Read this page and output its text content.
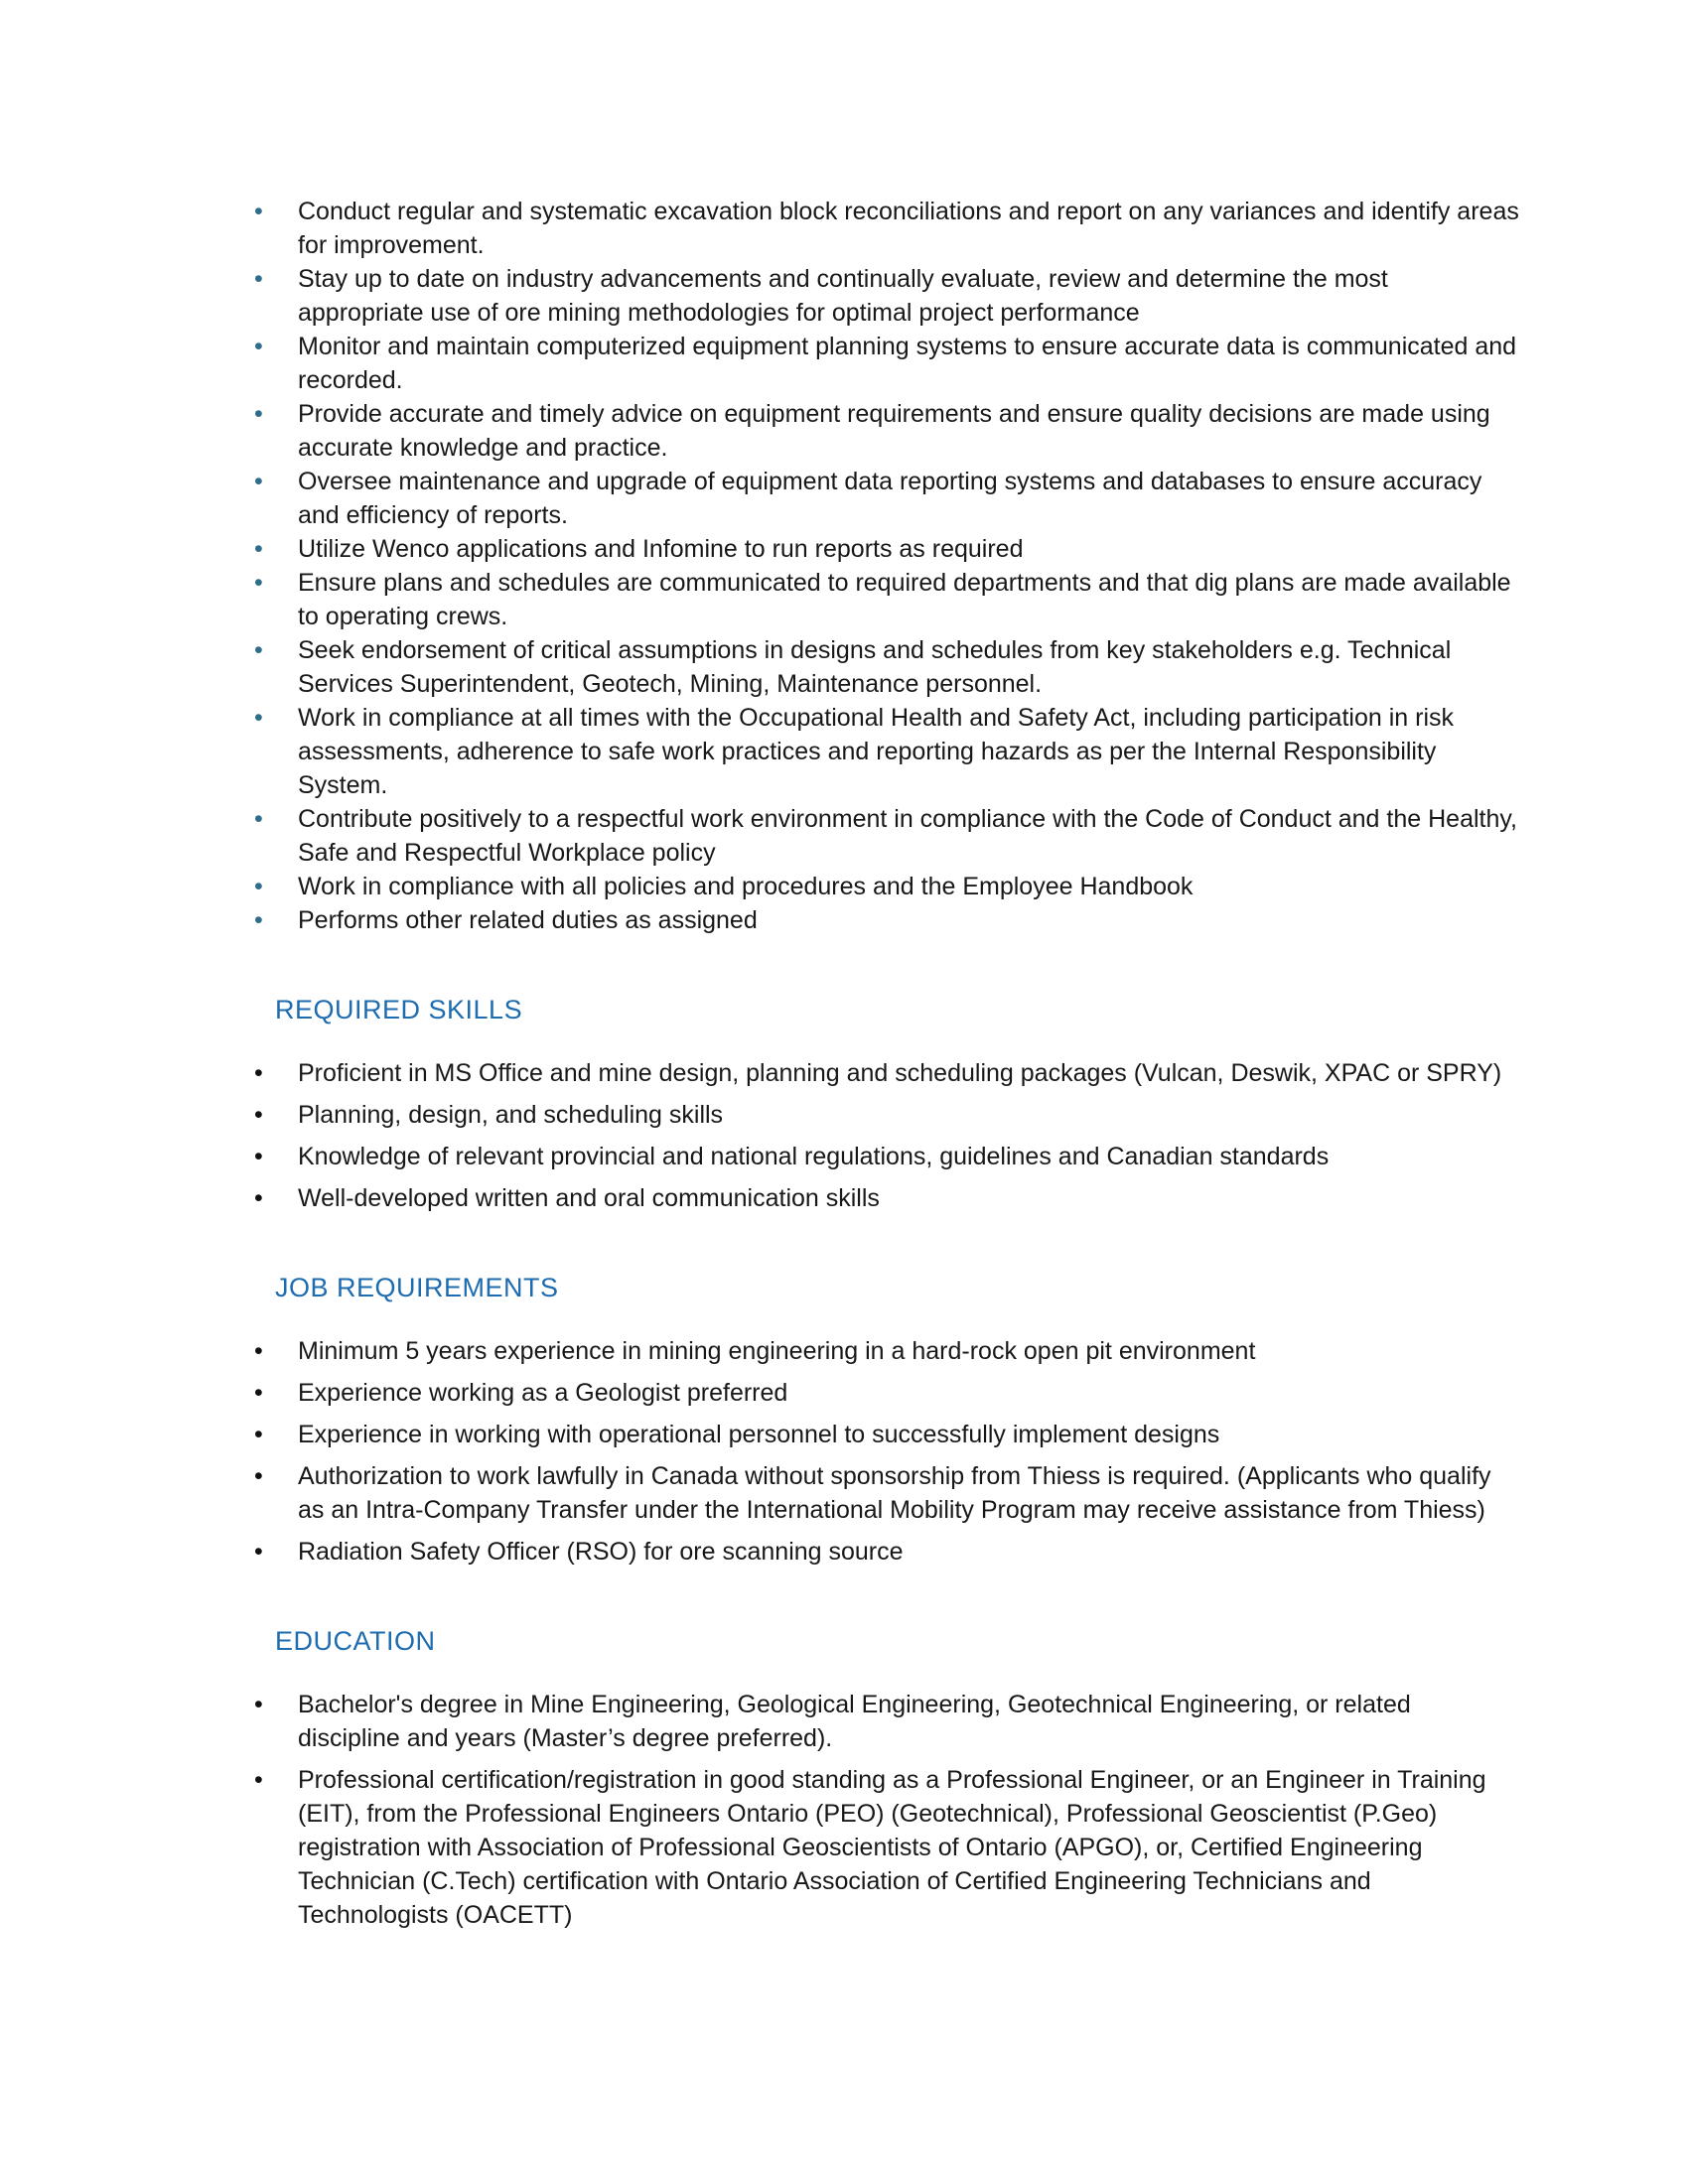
• Conduct regular and systematic excavation block reconciliations and report on any variances and identify areas for improvement.
• Stay up to date on industry advancements and continually evaluate, review and determine the most appropriate use of ore mining methodologies for optimal project performance
• Monitor and maintain computerized equipment planning systems to ensure accurate data is communicated and recorded.
• Provide accurate and timely advice on equipment requirements and ensure quality decisions are made using accurate knowledge and practice.
• Oversee maintenance and upgrade of equipment data reporting systems and databases to ensure accuracy and efficiency of reports.
• Utilize Wenco applications and Infomine to run reports as required
• Ensure plans and schedules are communicated to required departments and that dig plans are made available to operating crews.
• Seek endorsement of critical assumptions in designs and schedules from key stakeholders e.g. Technical Services Superintendent, Geotech, Mining, Maintenance personnel.
• Work in compliance at all times with the Occupational Health and Safety Act, including participation in risk assessments, adherence to safe work practices and reporting hazards as per the Internal Responsibility System.
• Contribute positively to a respectful work environment in compliance with the Code of Conduct and the Healthy, Safe and Respectful Workplace policy
• Work in compliance with all policies and procedures and the Employee Handbook
• Performs other related duties as assigned
REQUIRED SKILLS
• Proficient in MS Office and mine design, planning and scheduling packages (Vulcan, Deswik, XPAC or SPRY)
• Planning, design, and scheduling skills
• Knowledge of relevant provincial and national regulations, guidelines and Canadian standards
• Well-developed written and oral communication skills
JOB REQUIREMENTS
• Minimum 5 years experience in mining engineering in a hard-rock open pit environment
• Experience working as a Geologist preferred
• Experience in working with operational personnel to successfully implement designs
• Authorization to work lawfully in Canada without sponsorship from Thiess is required. (Applicants who qualify as an Intra-Company Transfer under the International Mobility Program may receive assistance from Thiess)
• Radiation Safety Officer (RSO) for ore scanning source
EDUCATION
• Bachelor's degree in Mine Engineering, Geological Engineering, Geotechnical Engineering, or related discipline and years (Master’s degree preferred).
• Professional certification/registration in good standing as a Professional Engineer, or an Engineer in Training (EIT), from the Professional Engineers Ontario (PEO) (Geotechnical), Professional Geoscientist (P.Geo) registration with Association of Professional Geoscientists of Ontario (APGO), or, Certified Engineering Technician (C.Tech) certification with Ontario Association of Certified Engineering Technicians and Technologists (OACETT)
